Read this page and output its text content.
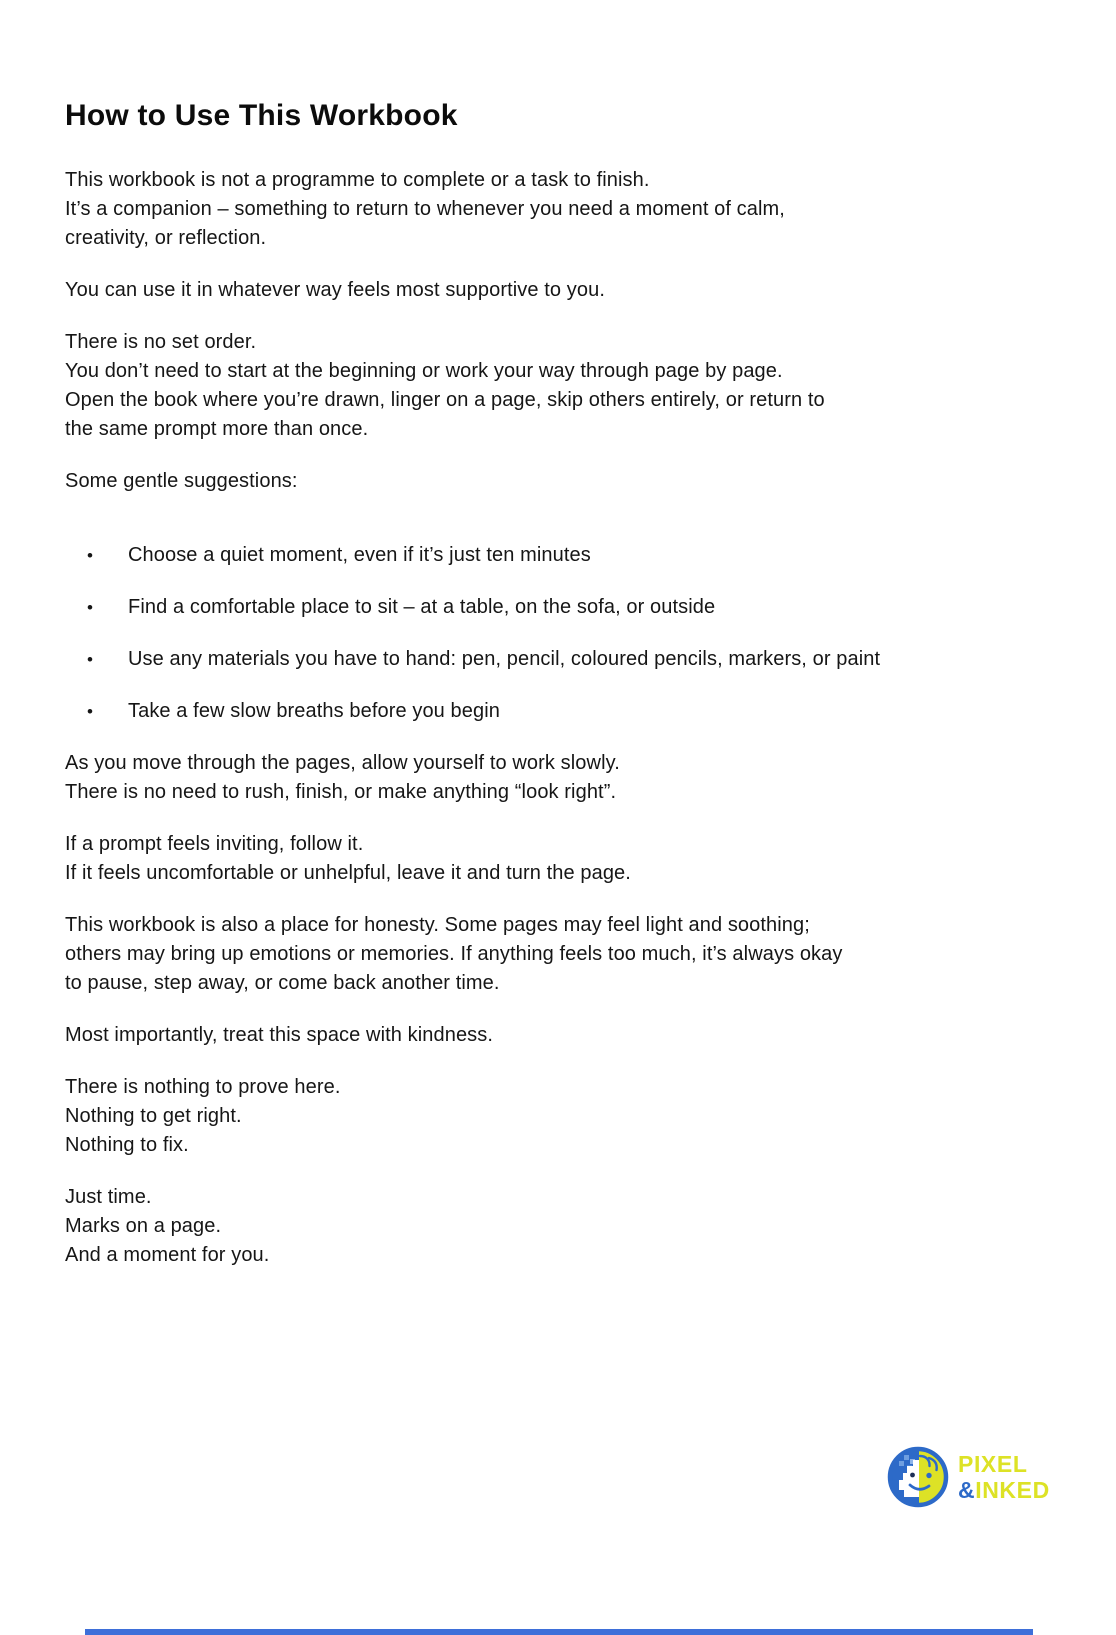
How to Use This Workbook
This workbook is not a programme to complete or a task to finish.
It’s a companion – something to return to whenever you need a moment of calm,
creativity, or reflection.
You can use it in whatever way feels most supportive to you.
There is no set order.
You don’t need to start at the beginning or work your way through page by page.
Open the book where you’re drawn, linger on a page, skip others entirely, or return to
the same prompt more than once.
Some gentle suggestions:
•	Choose a quiet moment, even if it’s just ten minutes
•	Find a comfortable place to sit – at a table, on the sofa, or outside
•	Use any materials you have to hand: pen, pencil, coloured pencils, markers, or paint
•	Take a few slow breaths before you begin
As you move through the pages, allow yourself to work slowly.
There is no need to rush, finish, or make anything “look right”.
If a prompt feels inviting, follow it.
If it feels uncomfortable or unhelpful, leave it and turn the page.
This workbook is also a place for honesty. Some pages may feel light and soothing;
others may bring up emotions or memories. If anything feels too much, it’s always okay
to pause, step away, or come back another time.
Most importantly, treat this space with kindness.
There is nothing to prove here.
Nothing to get right.
Nothing to fix.
Just time.
Marks on a page.
And a moment for you.
PIXEL
&INKED
